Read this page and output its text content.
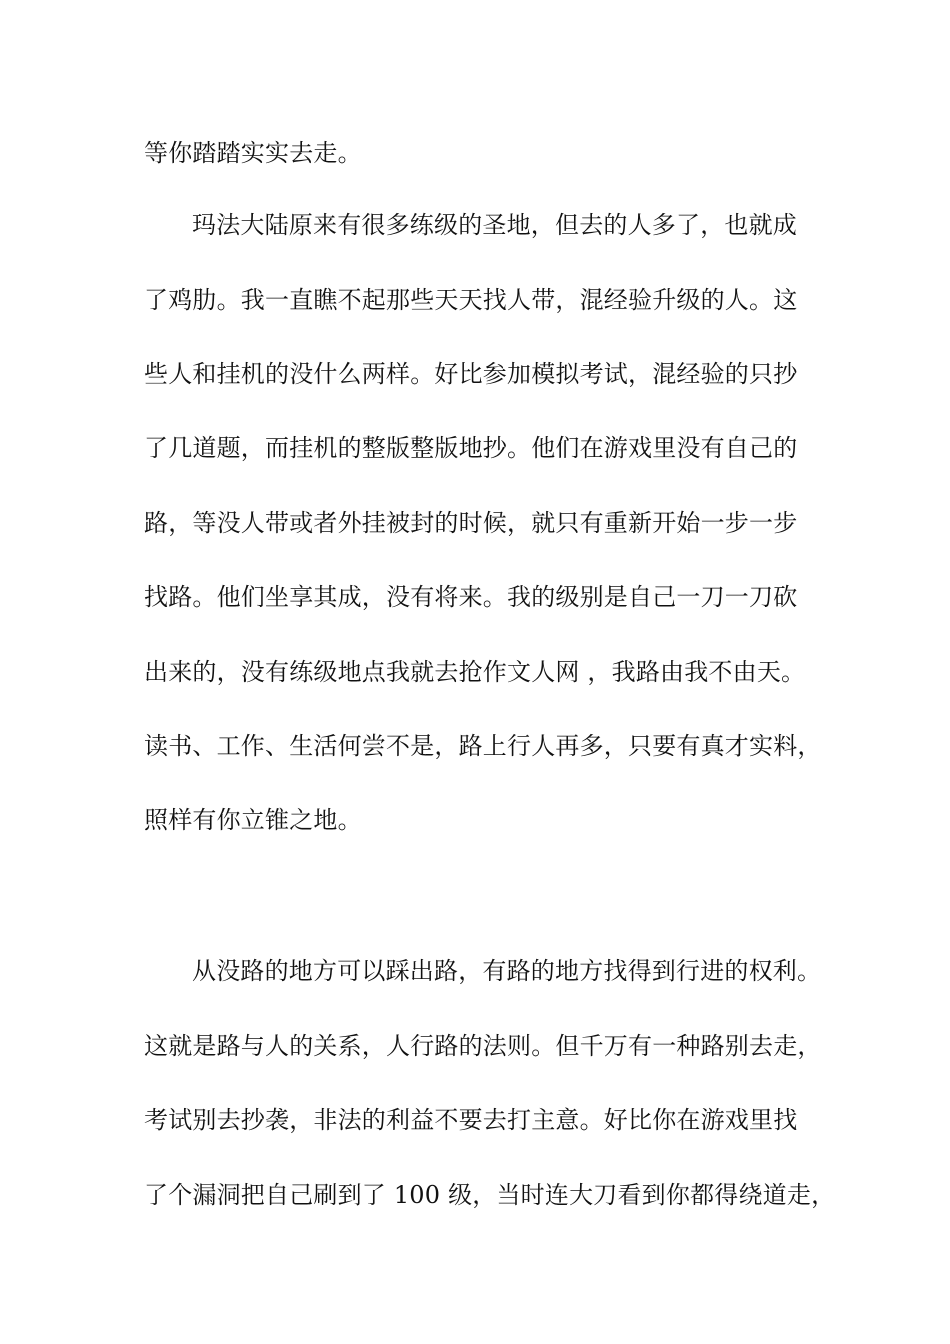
等你踏踏实实去走。

玛法大陆原来有很多练级的圣地，但去的人多了，也就成

了鸡肋。我一直瞧不起那些天天找人带，混经验升级的人。这

些人和挂机的没什么两样。好比参加模拟考试，混经验的只抄

了几道题，而挂机的整版整版地抄。他们在游戏里没有自己的

路，等没人带或者外挂被封的时候，就只有重新开始一步一步

找路。他们坐享其成，没有将来。我的级别是自己一刀一刀砍

出来的，没有练级地点我就去抢作文人网 ，我路由我不由天。

读书、工作、生活何尝不是，路上行人再多，只要有真才实料，

照样有你立锥之地。

从没路的地方可以踩出路，有路的地方找得到行进的权利。

这就是路与人的关系，人行路的法则。但千万有一种路别去走，

考试别去抄袭，非法的利益不要去打主意。好比你在游戏里找

了个漏洞把自己刷到了 100 级，当时连大刀看到你都得绕道走，
